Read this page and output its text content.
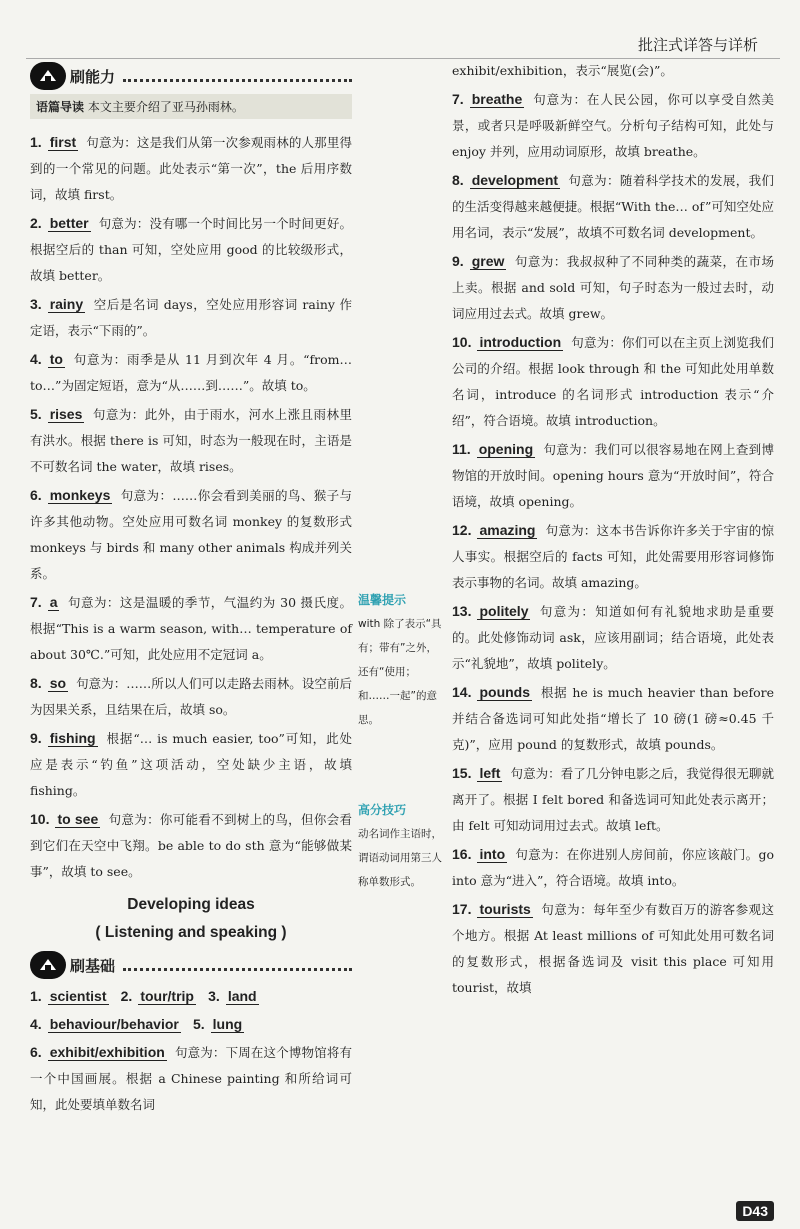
批注式详答与详析
刷能力
语篇导读 本文主要介绍了亚马孙雨林。
1. first 句意为：这是我们从第一次参观雨林的人那里得到的一个常见的问题。此处表示“第一次”，the 后用序数词，故填 first。
2. better 句意为：没有哪一个时间比另一个时间更好。根据空后的 than 可知，空处应用 good 的比较级形式，故填 better。
3. rainy 空后是名词 days，空处应用形容词 rainy 作定语，表示“下雨的”。
4. to 句意为：雨季是从 11 月到次年 4 月。“from… to…”为固定短语，意为“从……到……”。故填 to。
5. rises 句意为：此外，由于雨水，河水上涨且雨林里有洪水。根据 there is 可知，时态为一般现在时，主语是不可数名词 the water，故填 rises。
6. monkeys 句意为：……你会看到美丽的鸟、猴子与许多其他动物。空处应用可数名词 monkey 的复数形式 monkeys 与 birds 和 many other animals 构成并列关系。
7. a 句意为：这是温暖的季节，气温约为 30 摄氏度。根据“This is a warm season, with… temperature of about 30℃.”可知，此处应用不定冠词 a。
8. so 句意为：……所以人们可以走路去雨林。设空前后为因果关系，且结果在后，故填 so。
9. fishing 根据“… is much easier, too”可知，此处应是表示“钓鱼”这项活动，空处缺少主语，故填 fishing。
10. to see 句意为：你可能看不到树上的鸟，但你会看到它们在天空中飞翔。be able to do sth 意为“能够做某事”，故填 to see。
Developing ideas
( Listening and speaking )
刷基础
1. scientist 2. tour/trip 3. land
4. behaviour/behavior 5. lung
6. exhibit/exhibition 句意为：下周在这个博物馆将有一个中国画展。根据 a Chinese painting 和所给词可知，此处要填单数名词
温馨提示
with 除了表示“具有；带有”之外，还有“使用；和……一起”的意思。
高分技巧
动名词作主语时，谓语动词用第三人称单数形式。
exhibit/exhibition，表示“展览(会)”。
7. breathe 句意为：在人民公园，你可以享受自然美景，或者只是呼吸新鲜空气。分析句子结构可知，此处与 enjoy 并列，应用动词原形，故填 breathe。
8. development 句意为：随着科学技术的发展，我们的生活变得越来越便捷。根据“With the… of”可知空处应用名词，表示“发展”，故填不可数名词 development。
9. grew 句意为：我叔叔种了不同种类的蔬菜，在市场上卖。根据 and sold 可知，句子时态为一般过去时，动词应用过去式。故填 grew。
10. introduction 句意为：你们可以在主页上浏览我们公司的介绍。根据 look through 和 the 可知此处用单数名词，introduce 的名词形式 introduction 表示“介绍”，符合语境。故填 introduction。
11. opening 句意为：我们可以很容易地在网上查到博物馆的开放时间。opening hours 意为“开放时间”，符合语境，故填 opening。
12. amazing 句意为：这本书告诉你许多关于宇宙的惊人事实。根据空后的 facts 可知，此处需要用形容词修饰表示事物的名词。故填 amazing。
13. politely 句意为：知道如何有礼貌地求助是重要的。此处修饰动词 ask，应该用副词；结合语境，此处表示“礼貌地”，故填 politely。
14. pounds 根据 he is much heavier than before 并结合备选词可知此处指“增长了 10 磅(1 磅≈0.45 千克)”，应用 pound 的复数形式，故填 pounds。
15. left 句意为：看了几分钟电影之后，我觉得很无聊就离开了。根据 I felt bored 和备选词可知此处表示离开；由 felt 可知动词用过去式。故填 left。
16. into 句意为：在你进别人房间前，你应该敲门。go into 意为“进入”，符合语境。故填 into。
17. tourists 句意为：每年至少有数百万的游客参观这个地方。根据 At least millions of 可知此处用可数名词的复数形式，根据备选词及 visit this place 可知用 tourist，故填
D43
